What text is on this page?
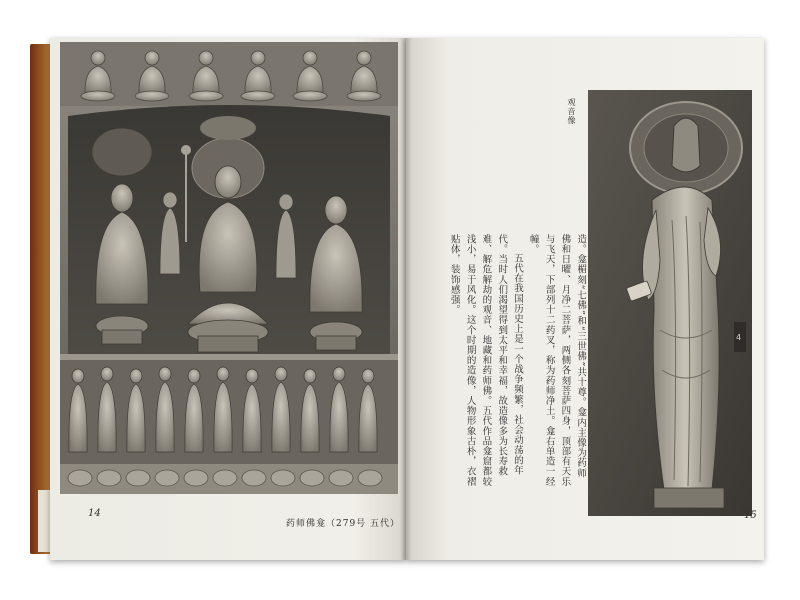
14
药师佛龛（279号 五代）
观音像
造。龛楣刻“七佛”和“三世佛”共十尊。龛内主像为药师佛和日曜、月净二菩萨，两侧各刻菩萨四身，顶部有天乐与飞天，下部列十二药叉，称为药师净土。龛右单造一经幢。
五代在我国历史上是一个战争频繁，社会动荡的年代。当时人们渴望得到太平和幸福，故造像多为长寿救难、解危解劫的观音、地藏和药师佛。五代作品龛窟都较浅小，易于风化。这个时期的造像，人物形象古朴，衣褶贴体，装饰感强。
4
15
